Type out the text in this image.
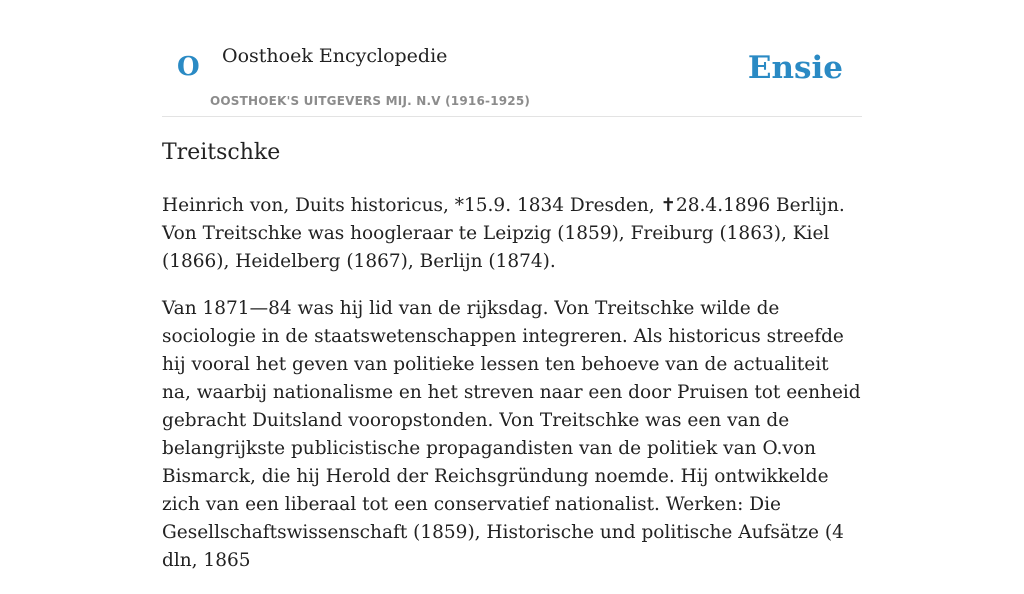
O Oosthoek Encyclopedie
OOSTHOEK'S UITGEVERS MIJ. N.V (1916-1925)
Ensie
Treitschke

Heinrich von, Duits historicus, *15.9. 1834 Dresden, ✝28.4.1896 Berlijn. Von Treitschke was hoogleraar te Leipzig (1859), Freiburg (1863), Kiel (1866), Heidelberg (1867), Berlijn (1874).

Van 1871—84 was hij lid van de rijksdag. Von Treitschke wilde de sociologie in de staatswetenschappen integreren. Als historicus streefde hij vooral het geven van politieke lessen ten behoeve van de actualiteit na, waarbij nationalisme en het streven naar een door Pruisen tot eenheid gebracht Duitsland vooropstonden. Von Treitschke was een van de belangrijkste publicistische propagandisten van de politiek van O.von Bismarck, die hij Herold der Reichsgründung noemde. Hij ontwikkelde zich van een liberaal tot een conservatief nationalist. Werken: Die Gesellschaftswissenschaft (1859), Historische und politische Aufsätze (4 dln, 1865
